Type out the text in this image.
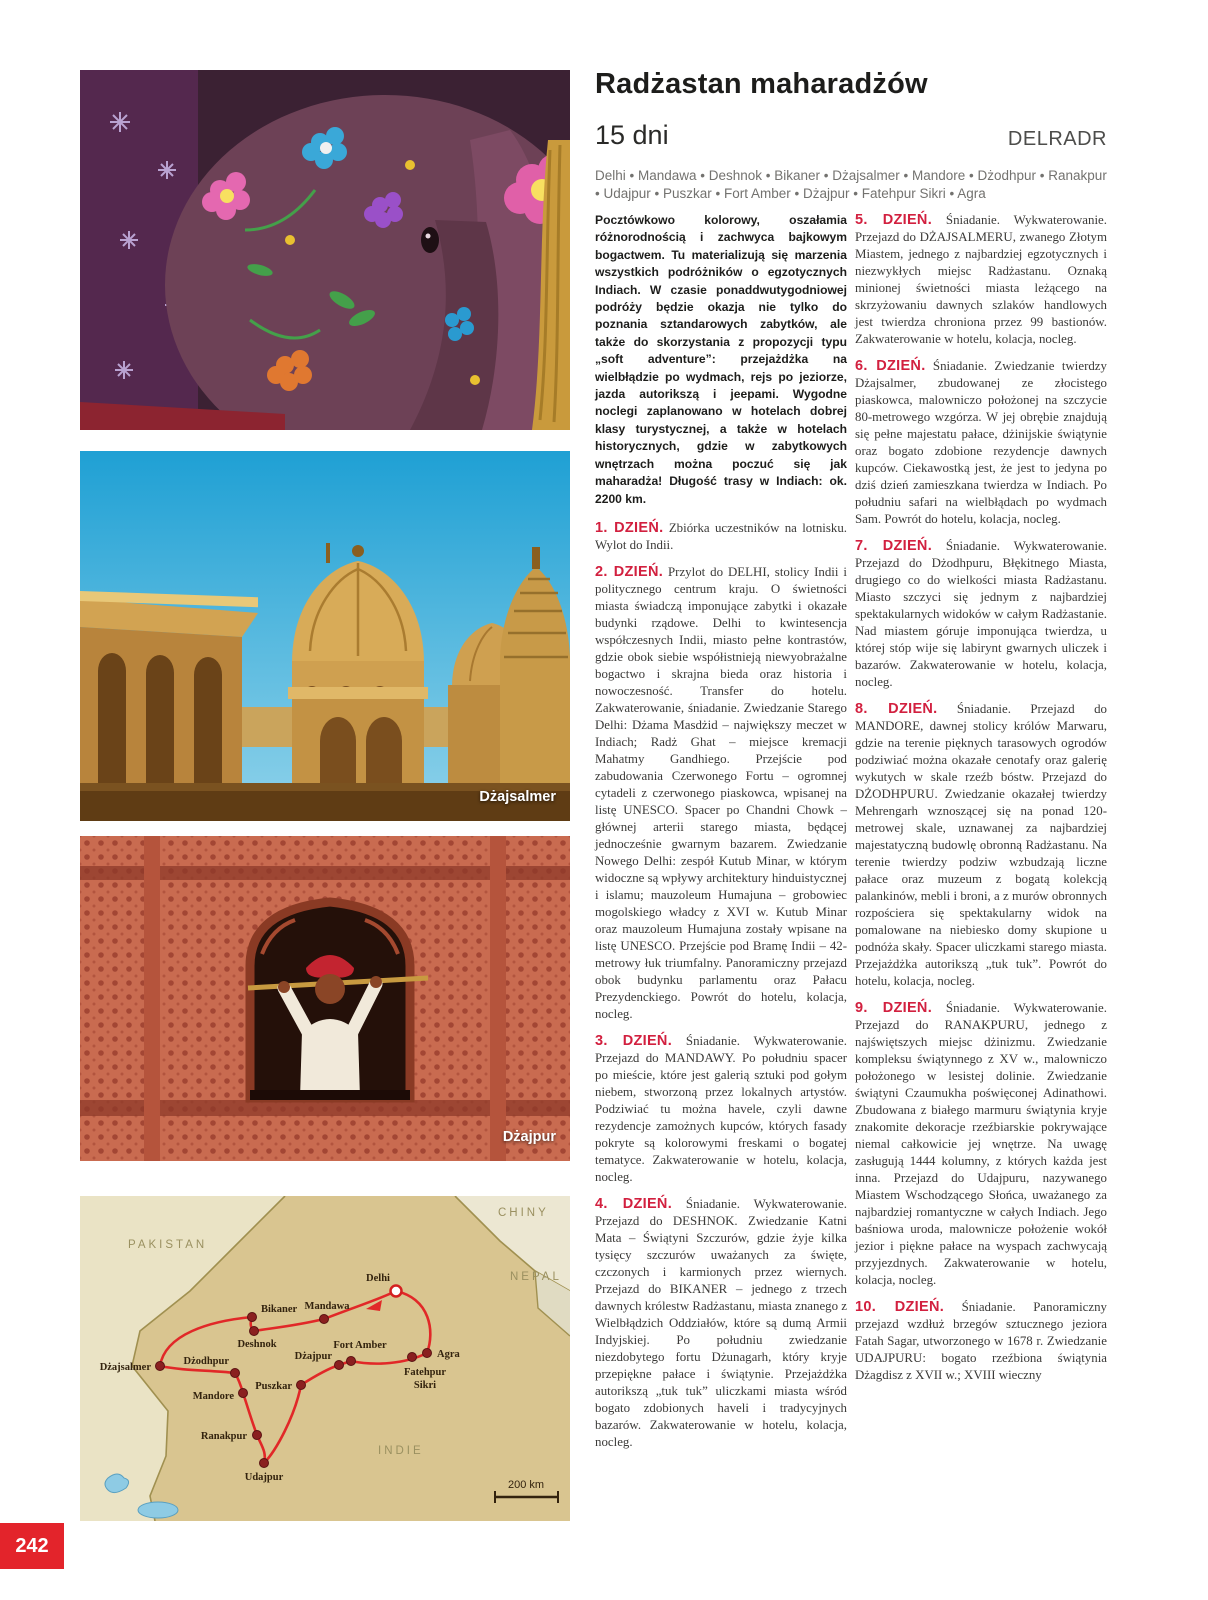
Radżastan maharadżów
15 dni	DELRADR
Delhi • Mandawa • Deshnok • Bikaner • Dżajsalmer • Mandore • Dżodhpur • Ranakpur • Udajpur • Puszkar • Fort Amber • Dżajpur • Fatehpur Sikri • Agra
Dżajsalmer
Dżajpur
Delhi
Mandawa
Bikaner
Deshnok
Dżajsalmer
Dżodhpur
Mandore
Ranakpur
Udajpur
Puszkar
Dżajpur
Fort Amber
Fatehpur
Sikri
Agra
PAKISTAN
CHINY
NEPAL
INDIE
200 km

Pocztówkowo kolorowy, oszałamia różnorodnością i zachwyca bajkowym bogactwem. Tu materializują się marzenia wszystkich podróżników o egzotycznych Indiach. W czasie ponaddwutygodniowej podróży będzie okazja nie tylko do poznania sztandarowych zabytków, ale także do skorzystania z propozycji typu „soft adventure”: przejażdżka na wielbłądzie po wydmach, rejs po jeziorze, jazda autorikszą i jeepami. Wygodne noclegi zaplanowano w hotelach dobrej klasy turystycznej, a także w hotelach historycznych, gdzie w zabytkowych wnętrzach można poczuć się jak maharadża! Długość trasy w Indiach: ok. 2200 km.

1. DZIEŃ. Zbiórka uczestników na lotnisku. Wylot do Indii.

2. DZIEŃ. Przylot do DELHI, stolicy Indii i politycznego centrum kraju. O świetności miasta świadczą imponujące zabytki i okazałe budynki rządowe. Delhi to kwintesencja współczesnych Indii, miasto pełne kontrastów, gdzie obok siebie współistnieją niewyobrażalne bogactwo i skrajna bieda oraz historia i nowoczesność. Transfer do hotelu. Zakwaterowanie, śniadanie. Zwiedzanie Starego Delhi: Dżama Masdżid – największy meczet w Indiach; Radż Ghat – miejsce kremacji Mahatmy Gandhiego. Przejście pod zabudowania Czerwonego Fortu – ogromnej cytadeli z czerwonego piaskowca, wpisanej na listę UNESCO. Spacer po Chandni Chowk – głównej arterii starego miasta, będącej jednocześnie gwarnym bazarem. Zwiedzanie Nowego Delhi: zespół Kutub Minar, w którym widoczne są wpływy architektury hinduistycznej i islamu; mauzoleum Humajuna – grobowiec mogolskiego władcy z XVI w. Kutub Minar oraz mauzoleum Humajuna zostały wpisane na listę UNESCO. Przejście pod Bramę Indii – 42-metrowy łuk triumfalny. Panoramiczny przejazd obok budynku parlamentu oraz Pałacu Prezydenckiego. Powrót do hotelu, kolacja, nocleg.

3. DZIEŃ. Śniadanie. Wykwaterowanie. Przejazd do MANDAWY. Po południu spacer po mieście, które jest galerią sztuki pod gołym niebem, stworzoną przez lokalnych artystów. Podziwiać tu można havele, czyli dawne rezydencje zamożnych kupców, których fasady pokryte są kolorowymi freskami o bogatej tematyce. Zakwaterowanie w hotelu, kolacja, nocleg.

4. DZIEŃ. Śniadanie. Wykwaterowanie. Przejazd do DESHNOK. Zwiedzanie Katni Mata – Świątyni Szczurów, gdzie żyje kilka tysięcy szczurów uważanych za święte, czczonych i karmionych przez wiernych. Przejazd do BIKANER – jednego z trzech dawnych królestw Radżastanu, miasta znanego z Wielbłądzich Oddziałów, które są dumą Armii Indyjskiej. Po południu zwiedzanie niezdobytego fortu Dżunagarh, który kryje przepiękne pałace i świątynie. Przejażdżka autorikszą „tuk tuk” uliczkami miasta wśród bogato zdobionych haveli i tradycyjnych bazarów. Zakwaterowanie w hotelu, kolacja, nocleg.

5. DZIEŃ. Śniadanie. Wykwaterowanie. Przejazd do DŻAJSALMERU, zwanego Złotym Miastem, jednego z najbardziej egzotycznych i niezwykłych miejsc Radżastanu. Oznaką minionej świetności miasta leżącego na skrzyżowaniu dawnych szlaków handlowych jest twierdza chroniona przez 99 bastionów. Zakwaterowanie w hotelu, kolacja, nocleg.

6. DZIEŃ. Śniadanie. Zwiedzanie twierdzy Dżajsalmer, zbudowanej ze złocistego piaskowca, malowniczo położonej na szczycie 80-metrowego wzgórza. W jej obrębie znajdują się pełne majestatu pałace, dżinijskie świątynie oraz bogato zdobione rezydencje dawnych kupców. Ciekawostką jest, że jest to jedyna po dziś dzień zamieszkana twierdza w Indiach. Po południu safari na wielbłądach po wydmach Sam. Powrót do hotelu, kolacja, nocleg.

7. DZIEŃ. Śniadanie. Wykwaterowanie. Przejazd do Dżodhpuru, Błękitnego Miasta, drugiego co do wielkości miasta Radżastanu. Miasto szczyci się jednym z najbardziej spektakularnych widoków w całym Radżastanie. Nad miastem góruje imponująca twierdza, u której stóp wije się labirynt gwarnych uliczek i bazarów. Zakwaterowanie w hotelu, kolacja, nocleg.

8. DZIEŃ. Śniadanie. Przejazd do MANDORE, dawnej stolicy królów Marwaru, gdzie na terenie pięknych tarasowych ogrodów podziwiać można okazałe cenotafy oraz galerię wykutych w skale rzeźb bóstw. Przejazd do DŻODHPURU. Zwiedzanie okazałej twierdzy Mehrengarh wznoszącej się na ponad 120-metrowej skale, uznawanej za najbardziej majestatyczną budowlę obronną Radżastanu. Na terenie twierdzy podziw wzbudzają liczne pałace oraz muzeum z bogatą kolekcją palankinów, mebli i broni, a z murów obronnych rozpościera się spektakularny widok na pomalowane na niebiesko domy skupione u podnóża skały. Spacer uliczkami starego miasta. Przejażdżka autorikszą „tuk tuk”. Powrót do hotelu, kolacja, nocleg.

9. DZIEŃ. Śniadanie. Wykwaterowanie. Przejazd do RANAKPURU, jednego z najświętszych miejsc dżinizmu. Zwiedzanie kompleksu świątynnego z XV w., malowniczo położonego w lesistej dolinie. Zwiedzanie świątyni Czaumukha poświęconej Adinathowi. Zbudowana z białego marmuru świątynia kryje znakomite dekoracje rzeźbiarskie pokrywające niemal całkowicie jej wnętrze. Na uwagę zasługują 1444 kolumny, z których każda jest inna. Przejazd do Udajpuru, nazywanego Miastem Wschodzącego Słońca, uważanego za najbardziej romantyczne w całych Indiach. Jego baśniowa uroda, malownicze położenie wokół jezior i piękne pałace na wyspach zachwycają przyjezdnych. Zakwaterowanie w hotelu, kolacja, nocleg.

10. DZIEŃ. Śniadanie. Panoramiczny przejazd wzdłuż brzegów sztucznego jeziora Fatah Sagar, utworzonego w 1678 r. Zwiedzanie UDAJPURU: bogato rzeźbiona świątynia Dżagdisz z XVII w.; XVIII wieczny

242
